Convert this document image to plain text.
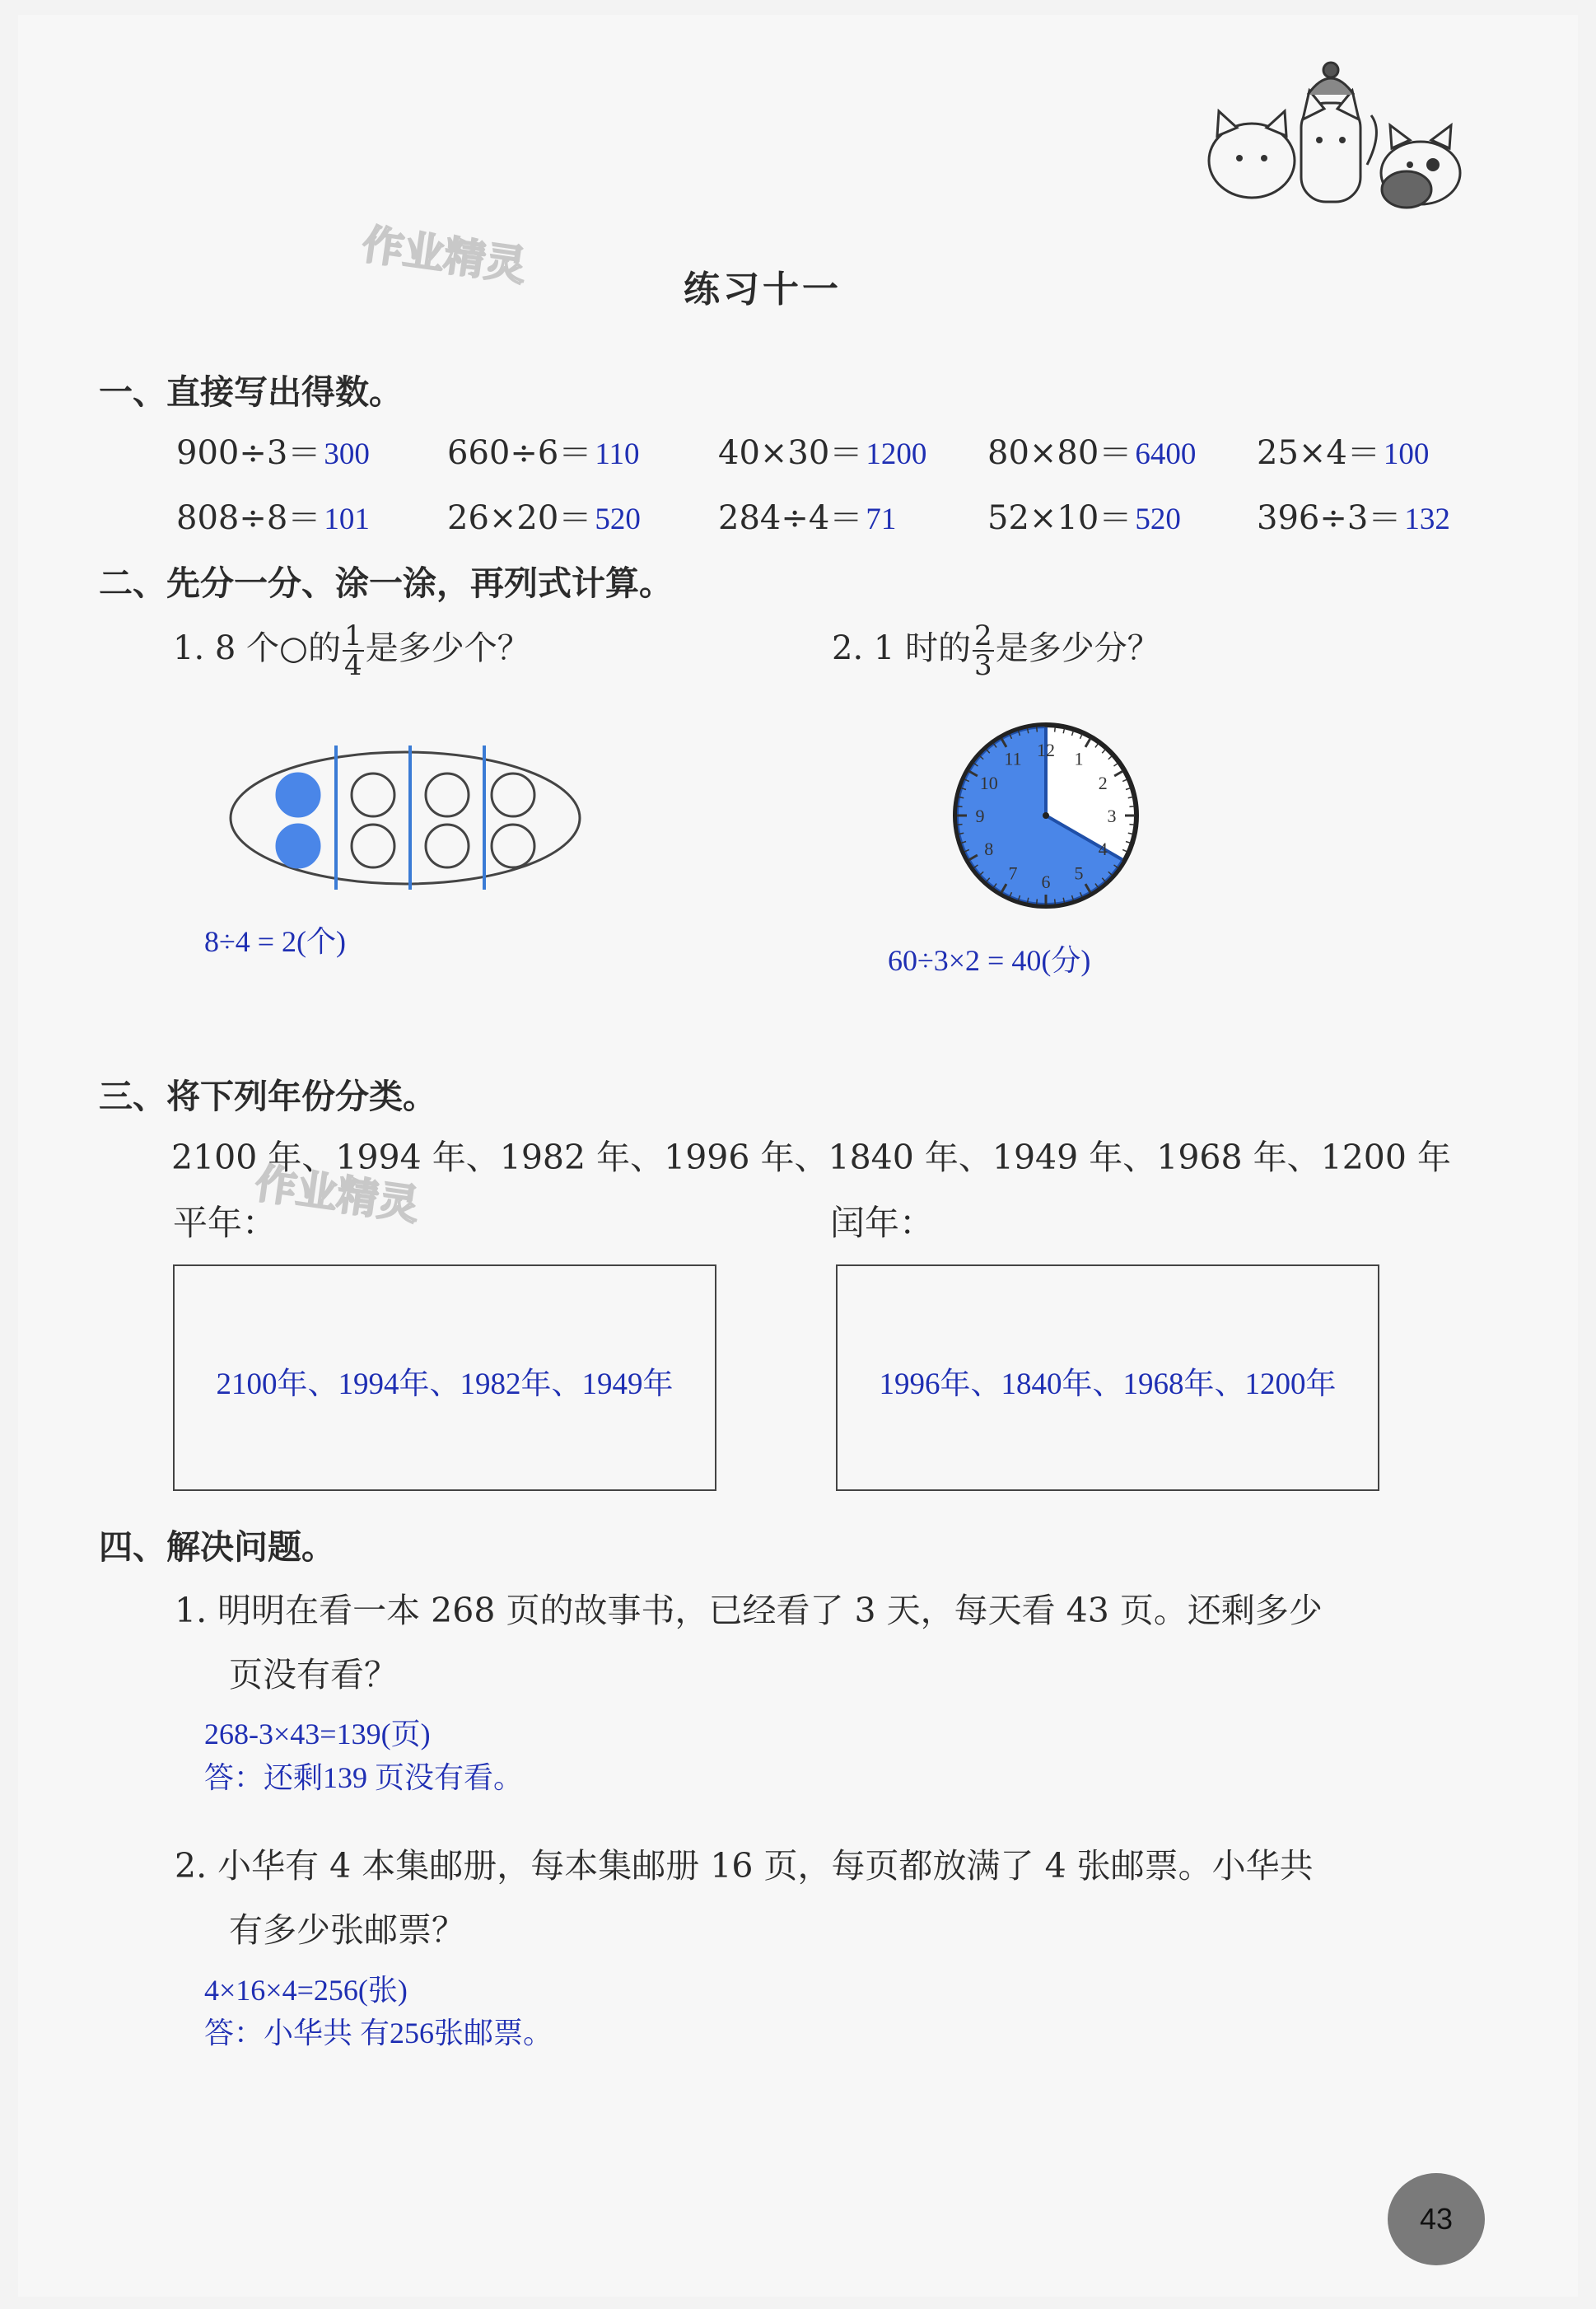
作业精灵
作业精灵
练习十一
一、直接写出得数。
900÷3＝ 300 660÷6＝ 110 40×30＝ 1200 80×80＝ 6400 25×4＝ 100
808÷8＝ 101 26×20＝ 520 284÷4＝ 71	52×10＝ 520 396÷3＝ 132
二、先分一分、涂一涂，再列式计算。
1. 8 个○的 $\frac{1}{4}$ 是多少个？	2. 1 时的 $\frac{2}{3}$ 是多少分？
8÷4 = 2(个)
12 1
2
3
4
5
6
7
8
9
10
11
60÷3×2 = 40(分)
三、将下列年份分类。
2100 年、1994 年、1982 年、1996 年、1840 年、1949 年、1968 年、1200 年
平年：	闰年：
2100年、1994年、1982年、1949年	1996年、1840年、1968年、1200年
四、解决问题。
1. 明明在看一本 268 页的故事书，已经看了 3 天，每天看 43 页。还剩多少
页没有看？
268-3×43=139(页)
答：还剩139 页没有看。
2. 小华有 4 本集邮册，每本集邮册 16 页，每页都放满了 4 张邮票。小华共
有多少张邮票？
4×16×4=256(张)
答：小华共 有256张邮票。
43
